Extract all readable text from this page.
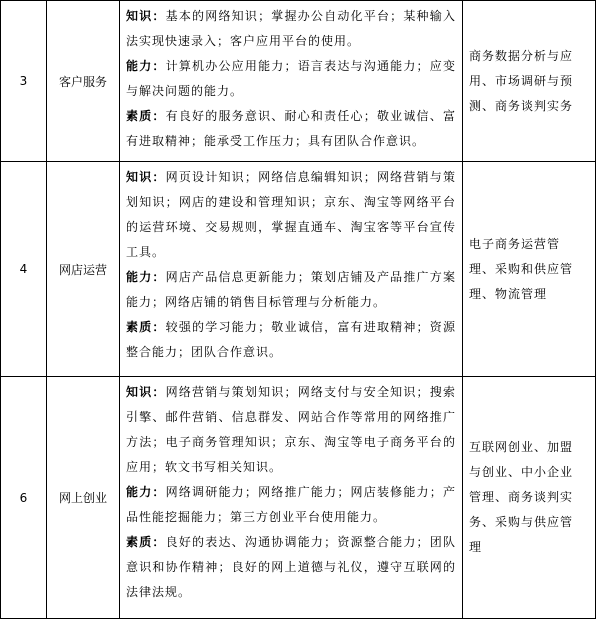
3	客户服务	知识：基本的网络知识；掌握办公自动化平台；某种输入法实现快速录入；客户应用平台的使用。
能力：计算机办公应用能力；语言表达与沟通能力；应变与解决问题的能力。
素质：有良好的服务意识、耐心和责任心；敬业诚信、富有进取精神；能承受工作压力；具有团队合作意识。	商务数据分析与应用、市场调研与预测、商务谈判实务
4	网店运营	知识：网页设计知识；网络信息编辑知识；网络营销与策划知识；网店的建设和管理知识；京东、淘宝等网络平台的运营环境、交易规则，掌握直通车、淘宝客等平台宣传工具。
能力：网店产品信息更新能力；策划店铺及产品推广方案能力；网络店铺的销售目标管理与分析能力。
素质：较强的学习能力；敬业诚信，富有进取精神；资源整合能力；团队合作意识。	电子商务运营管理、采购和供应管理、物流管理
6	网上创业	知识：网络营销与策划知识；网络支付与安全知识；搜索引擎、邮件营销、信息群发、网站合作等常用的网络推广方法；电子商务管理知识；京东、淘宝等电子商务平台的应用；软文书写相关知识。
能力：网络调研能力；网络推广能力；网店装修能力；产品性能挖掘能力；第三方创业平台使用能力。
素质：良好的表达、沟通协调能力；资源整合能力；团队意识和协作精神；良好的网上道德与礼仪，遵守互联网的法律法规。	互联网创业、加盟与创业、中小企业管理、商务谈判实务、采购与供应管理
